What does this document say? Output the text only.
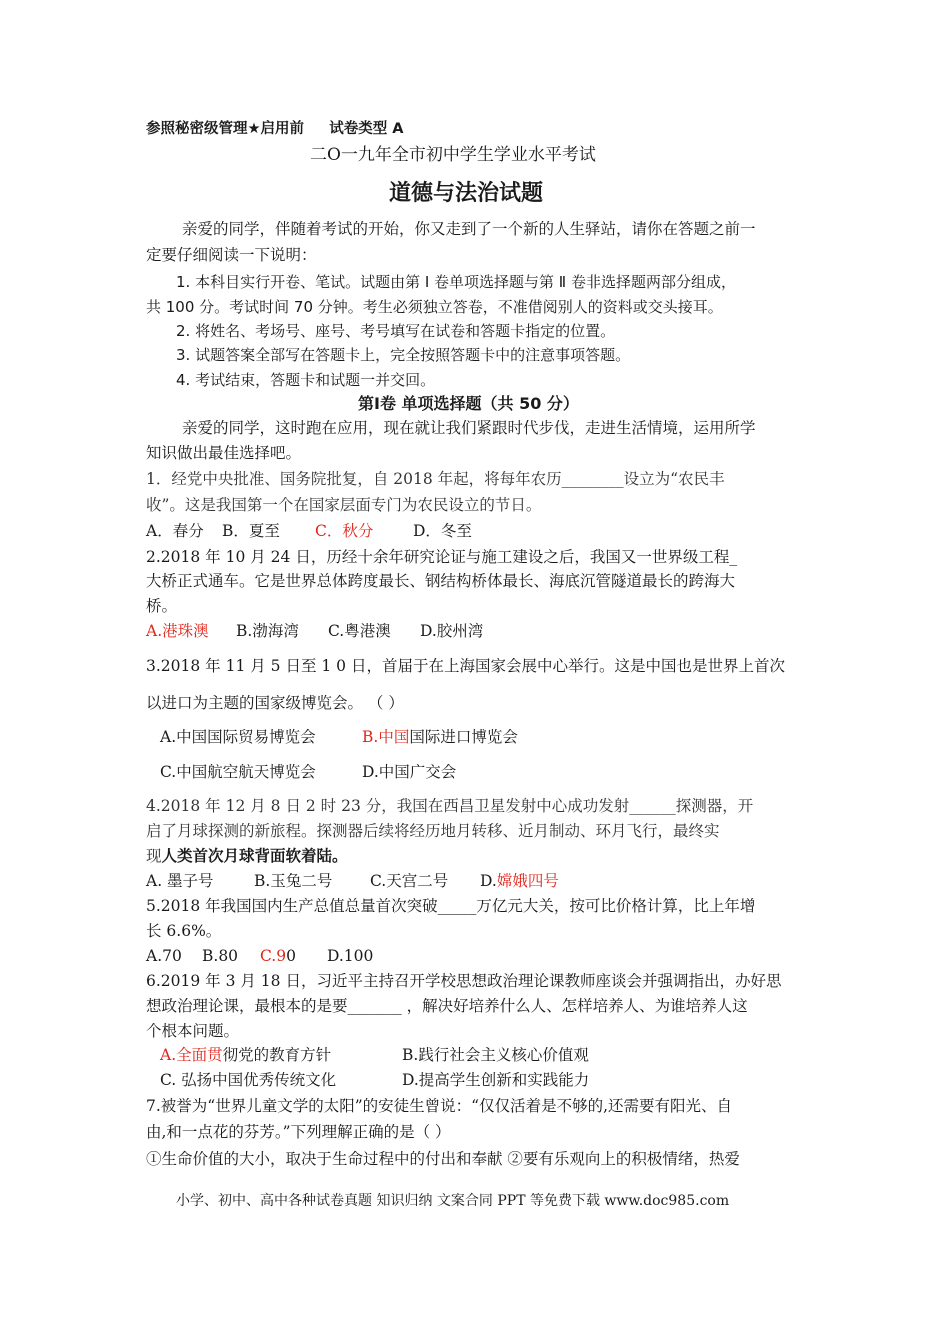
参照秘密级管理★启用前 试卷类型 A
二O一九年全市初中学生学业水平考试
道德与法治试题
亲爱的同学，伴随着考试的开始，你又走到了一个新的人生驿站，请你在答题之前一
定要仔细阅读一下说明：
1. 本科目实行开卷、笔试。试题由第 Ⅰ 卷单项选择题与第 Ⅱ 卷非选择题两部分组成，
共 100 分。考试时间 70 分钟。考生必须独立答卷，不准借阅别人的资料或交头接耳。
2. 将姓名、考场号、座号、考号填写在试卷和答题卡指定的位置。
3. 试题答案全部写在答题卡上，完全按照答题卡中的注意事项答题。
4. 考试结束，答题卡和试题一并交回。
第Ⅰ卷 单项选择题（共 50 分）
亲爱的同学，这时跑在应用，现在就让我们紧跟时代步伐，走进生活情境，运用所学
知识做出最佳选择吧。
1．经党中央批准、国务院批复，自 2018 年起，将每年农历________设立为“农民丰
收”。这是我国第一个在国家层面专门为农民设立的节日。
A．春分 B．夏至 C．秋分	D．冬至
2.2018 年 10 月 24 日，历经十余年研究论证与施工建设之后，我国又一世界级工程_
大桥正式通车。它是世界总体跨度最长、钢结构桥体最长、海底沉管隧道最长的跨海大
桥。
A.港珠澳 B.渤海湾 C.粤港澳 D.胶州湾
3.2018 年 11 月 5 日至 1 0 日，首届于在上海国家会展中心举行。这是中国也是世界上首次
以进口为主题的国家级博览会。 （ ）
A.中国国际贸易博览会	B.中国国际进口博览会
C.中国航空航天博览会	D.中国广交会
4.2018 年 12 月 8 日 2 时 23 分，我国在西昌卫星发射中心成功发射______探测器，开
启了月球探测的新旅程。探测器后续将经历地月转移、近月制动、环月飞行，最终实
现人类首次月球背面软着陆。
A. 墨子号	B.玉兔二号 C.天宫二号 D.嫦娥四号
5.2018 年我国国内生产总值总量首次突破_____万亿元大关，按可比价格计算，比上年增
长 6.6%。
A.70 B.80 C.90 D.100
6.2019 年 3 月 18 日，习近平主持召开学校思想政治理论课教师座谈会并强调指出，办好思
想政治理论课，最根本的是要_______ ，解决好培养什么人、怎样培养人、为谁培养人这
个根本问题。
A.全面贯彻党的教育方针	B.践行社会主义核心价值观
C. 弘扬中国优秀传统文化	D.提高学生创新和实践能力
7.被誉为“世界儿童文学的太阳”的安徒生曾说：“仅仅活着是不够的,还需要有阳光、自
由,和一点花的芬芳。”下列理解正确的是（ ）
①生命价值的大小，取决于生命过程中的付出和奉献 ②要有乐观向上的积极情绪，热爱
小学、初中、高中各种试卷真题 知识归纳 文案合同 PPT 等免费下载 www.doc985.com
